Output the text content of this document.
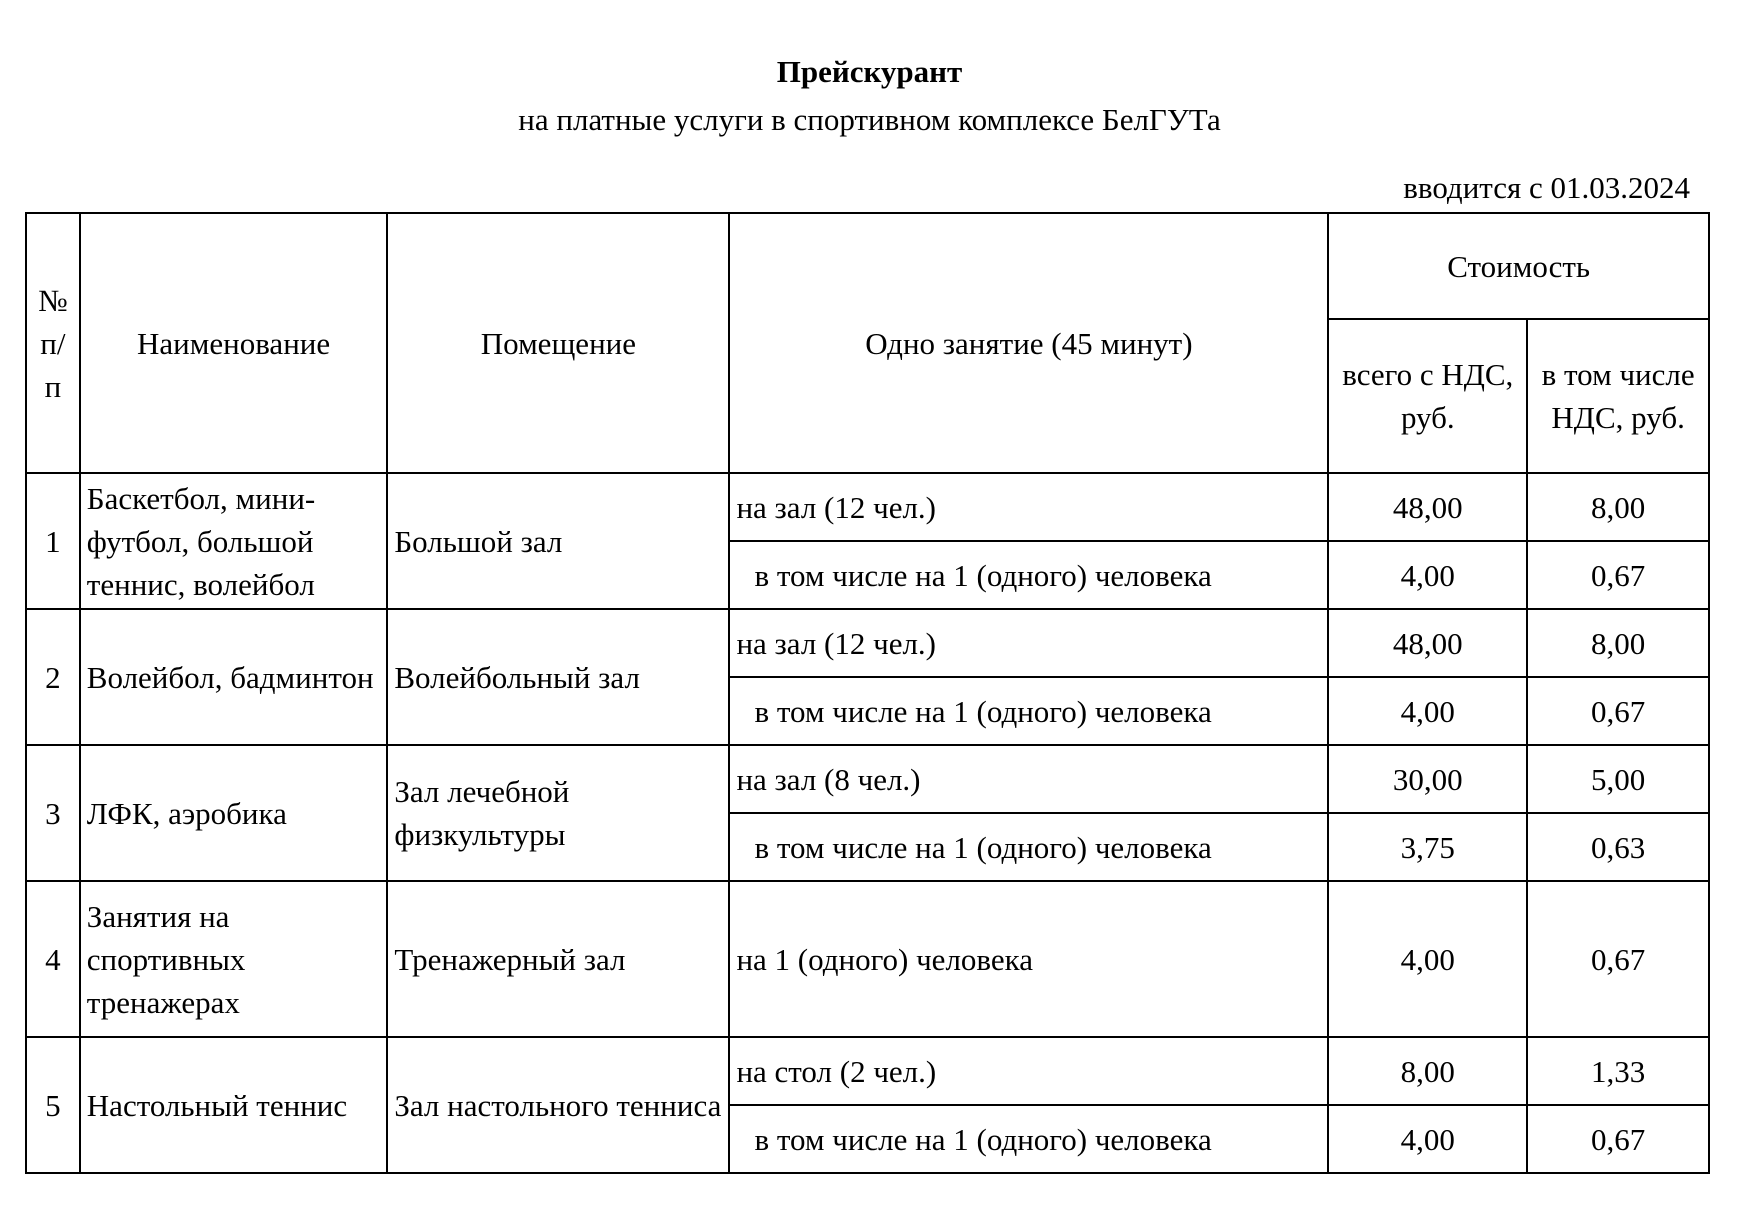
Прейскурант
на платные услуги в спортивном комплексе БелГУТа
вводится с 01.03.2024
№ п/п	Наименование	Помещение	Одно занятие (45 минут)	Стоимость	
				всего с НДС, руб.	в том числе НДС, руб.
1	Баскетбол, мини-футбол, большой теннис, волейбол	Большой зал	на зал (12 чел.)	48,00	8,00
			в том числе на 1 (одного) человека	4,00	0,67
2	Волейбол, бадминтон	Волейбольный зал	на зал (12 чел.)	48,00	8,00
			в том числе на 1 (одного) человека	4,00	0,67
3	ЛФК, аэробика	Зал лечебной физкультуры	на зал (8 чел.)	30,00	5,00
			в том числе на 1 (одного) человека	3,75	0,63
4	Занятия на спортивных тренажерах	Тренажерный зал	на 1 (одного) человека	4,00	0,67
5	Настольный теннис	Зал настольного тенниса	на стол (2 чел.)	8,00	1,33
			в том числе на 1 (одного) человека	4,00	0,67
